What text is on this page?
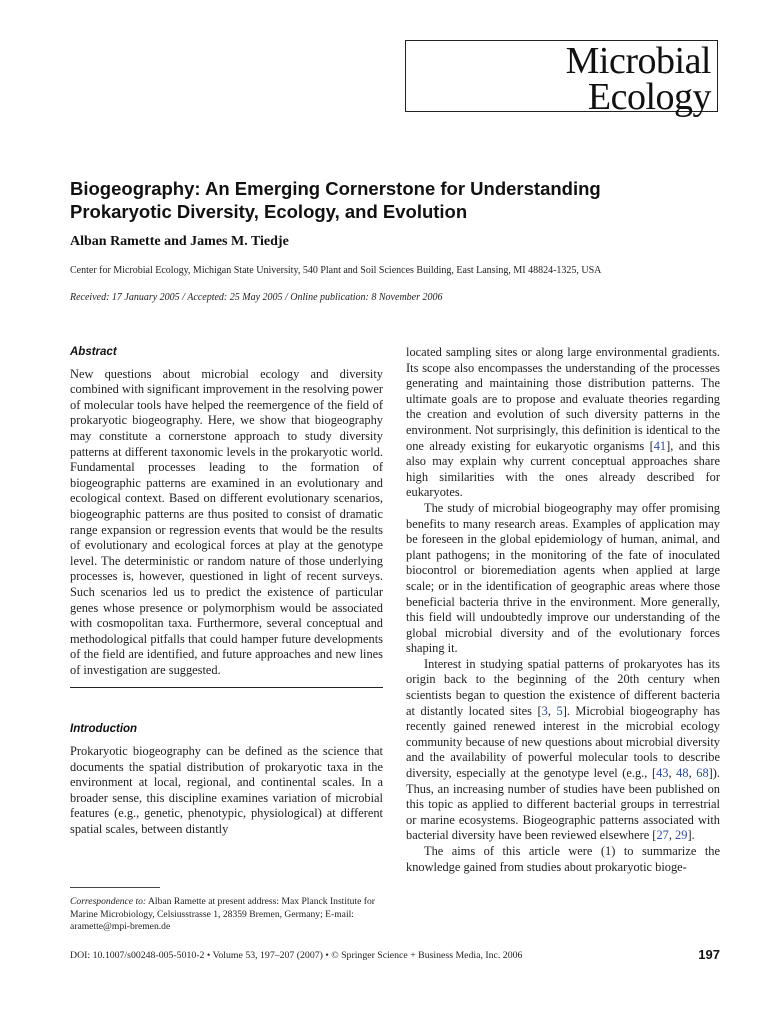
Microbial
Ecology
Biogeography: An Emerging Cornerstone for Understanding
Prokaryotic Diversity, Ecology, and Evolution
Alban Ramette and James M. Tiedje
Center for Microbial Ecology, Michigan State University, 540 Plant and Soil Sciences Building, East Lansing, MI 48824-1325, USA
Received: 17 January 2005 / Accepted: 25 May 2005 / Online publication: 8 November 2006
Abstract

New questions about microbial ecology and diversity combined with significant improvement in the resolving power of molecular tools have helped the reemergence of the field of prokaryotic biogeography. Here, we show that biogeography may constitute a cornerstone approach to study diversity patterns at different taxonomic levels in the prokaryotic world. Fundamental processes leading to the formation of biogeographic patterns are examined in an evolutionary and ecological context. Based on different evolutionary scenarios, biogeographic patterns are thus posited to consist of dramatic range expansion or regression events that would be the results of evolutionary and ecological forces at play at the genotype level. The deterministic or random nature of those underlying processes is, however, questioned in light of recent surveys. Such scenarios led us to predict the existence of particular genes whose presence or polymorphism would be associated with cosmopolitan taxa. Furthermore, several conceptual and methodological pitfalls that could hamper future developments of the field are identified, and future approaches and new lines of investigation are suggested.

Introduction

Prokaryotic biogeography can be defined as the science that documents the spatial distribution of prokaryotic taxa in the environment at local, regional, and continental scales. In a broader sense, this discipline examines variation of microbial features (e.g., genetic, phenotypic, physiological) at different spatial scales, between distantly

Correspondence to: Alban Ramette at present address: Max Planck Institute for Marine Microbiology, Celsiusstrasse 1, 28359 Bremen, Germany; E-mail: aramette@mpi-bremen.de

located sampling sites or along large environmental gradients. Its scope also encompasses the understanding of the processes generating and maintaining those distribution patterns. The ultimate goals are to propose and evaluate theories regarding the creation and evolution of such diversity patterns in the environment. Not surprisingly, this definition is identical to the one already existing for eukaryotic organisms [41], and this also may explain why current conceptual approaches share high similarities with the ones already described for eukaryotes.

The study of microbial biogeography may offer promising benefits to many research areas. Examples of application may be foreseen in the global epidemiology of human, animal, and plant pathogens; in the monitoring of the fate of inoculated biocontrol or bioremediation agents when applied at large scale; or in the identification of geographic areas where those beneficial bacteria thrive in the environment. More generally, this field will undoubtedly improve our understanding of the global microbial diversity and of the evolutionary forces shaping it.

Interest in studying spatial patterns of prokaryotes has its origin back to the beginning of the 20th century when scientists began to question the existence of different bacteria at distantly located sites [3, 5]. Microbial biogeography has recently gained renewed interest in the microbial ecology community because of new questions about microbial diversity and the availability of powerful molecular tools to describe diversity, especially at the genotype level (e.g., [43, 48, 68]). Thus, an increasing number of studies have been published on this topic as applied to different bacterial groups in terrestrial or marine ecosystems. Biogeographic patterns associated with bacterial diversity have been reviewed elsewhere [27, 29].

The aims of this article were (1) to summarize the knowledge gained from studies about prokaryotic bioge-

DOI: 10.1007/s00248-005-5010-2 • Volume 53, 197–207 (2007) • © Springer Science + Business Media, Inc. 2006	197
